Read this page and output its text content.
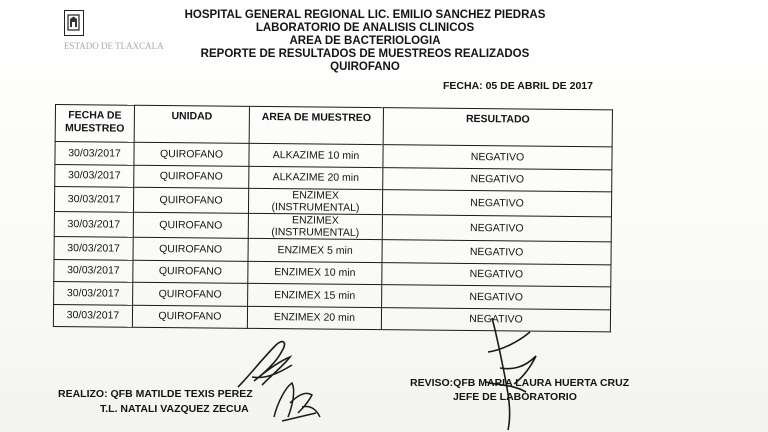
ESTADO DE TLAXCALA
HOSPITAL GENERAL REGIONAL LIC. EMILIO SANCHEZ PIEDRAS
LABORATORIO DE ANALISIS CLINICOS
AREA DE BACTERIOLOGIA
REPORTE DE RESULTADOS DE MUESTREOS REALIZADOS
QUIROFANO
FECHA: 05 DE ABRIL DE 2017
FECHA DE MUESTREO	UNIDAD	AREA DE MUESTREO	RESULTADO
30/03/2017	QUIROFANO	ALKAZIME 10 min	NEGATIVO
30/03/2017	QUIROFANO	ALKAZIME 20 min	NEGATIVO
30/03/2017	QUIROFANO	ENZIMEX (INSTRUMENTAL)	NEGATIVO
30/03/2017	QUIROFANO	ENZIMEX (INSTRUMENTAL)	NEGATIVO
30/03/2017	QUIROFANO	ENZIMEX 5 min	NEGATIVO
30/03/2017	QUIROFANO	ENZIMEX 10 min	NEGATIVO
30/03/2017	QUIROFANO	ENZIMEX 15 min	NEGATIVO
30/03/2017	QUIROFANO	ENZIMEX 20 min	NEGATIVO
REALIZO: QFB MATILDE TEXIS PEREZ
T.L. NATALI VAZQUEZ ZECUA
REVISO:QFB MARIA LAURA HUERTA CRUZ
JEFE DE LABORATORIO
